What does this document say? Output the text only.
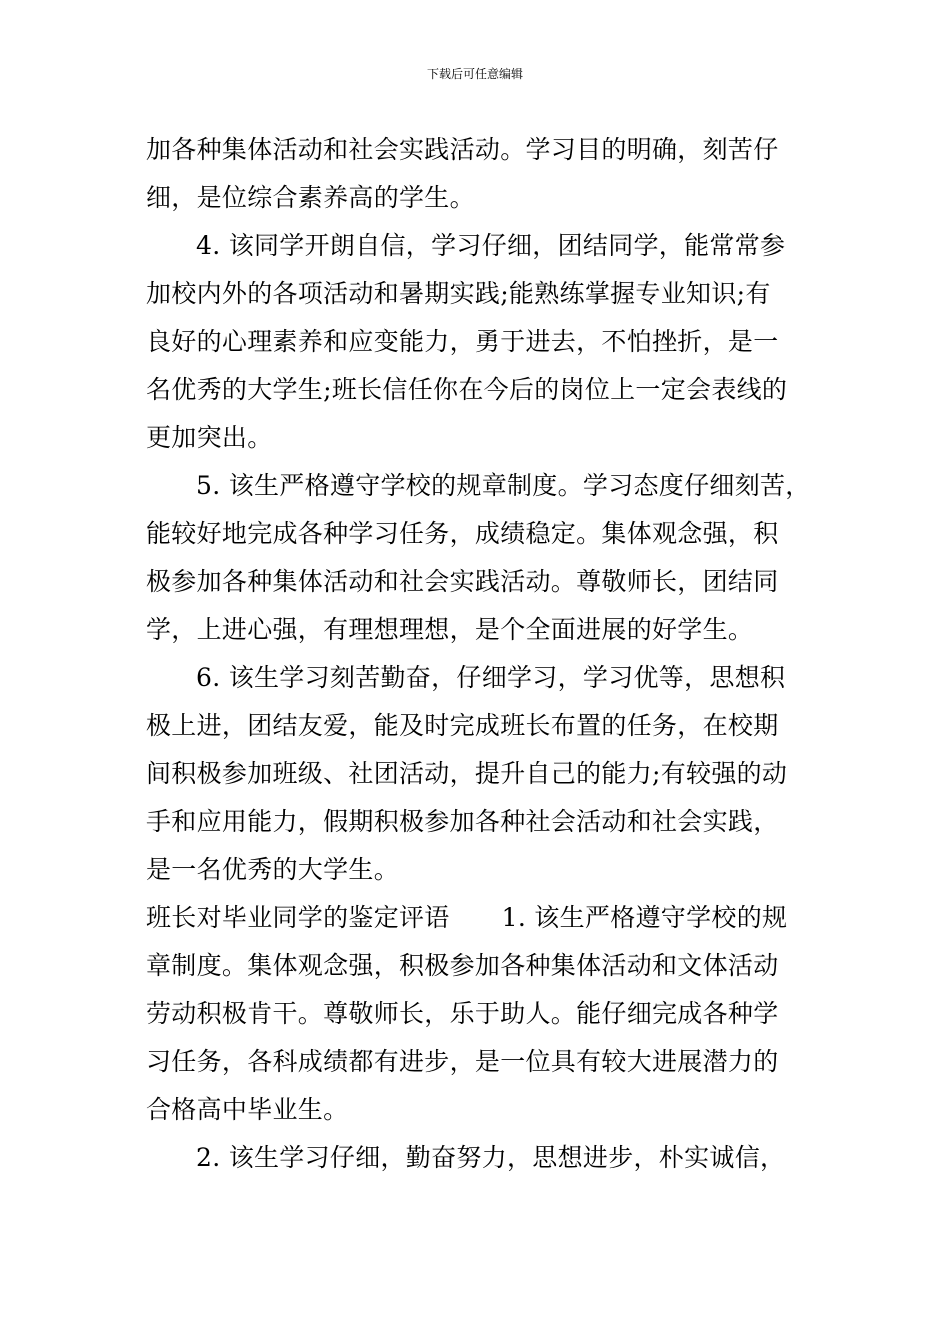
下载后可任意编辑
加各种集体活动和社会实践活动。学习目的明确，刻苦仔
细，是位综合素养高的学生。
4. 该同学开朗自信，学习仔细，团结同学，能常常参
加校内外的各项活动和暑期实践;能熟练掌握专业知识;有
良好的心理素养和应变能力，勇于进去，不怕挫折，是一
名优秀的大学生;班长信任你在今后的岗位上一定会表线的
更加突出。
5. 该生严格遵守学校的规章制度。学习态度仔细刻苦，
能较好地完成各种学习任务，成绩稳定。集体观念强，积
极参加各种集体活动和社会实践活动。尊敬师长，团结同
学，上进心强，有理想理想，是个全面进展的好学生。
6. 该生学习刻苦勤奋，仔细学习，学习优等，思想积
极上进，团结友爱，能及时完成班长布置的任务，在校期
间积极参加班级、社团活动，提升自己的能力;有较强的动
手和应用能力，假期积极参加各种社会活动和社会实践，
是一名优秀的大学生。
班长对毕业同学的鉴定评语 1. 该生严格遵守学校的规
章制度。集体观念强，积极参加各种集体活动和文体活动
劳动积极肯干。尊敬师长，乐于助人。能仔细完成各种学
习任务，各科成绩都有进步，是一位具有较大进展潜力的
合格高中毕业生。
2. 该生学习仔细，勤奋努力，思想进步，朴实诚信，
